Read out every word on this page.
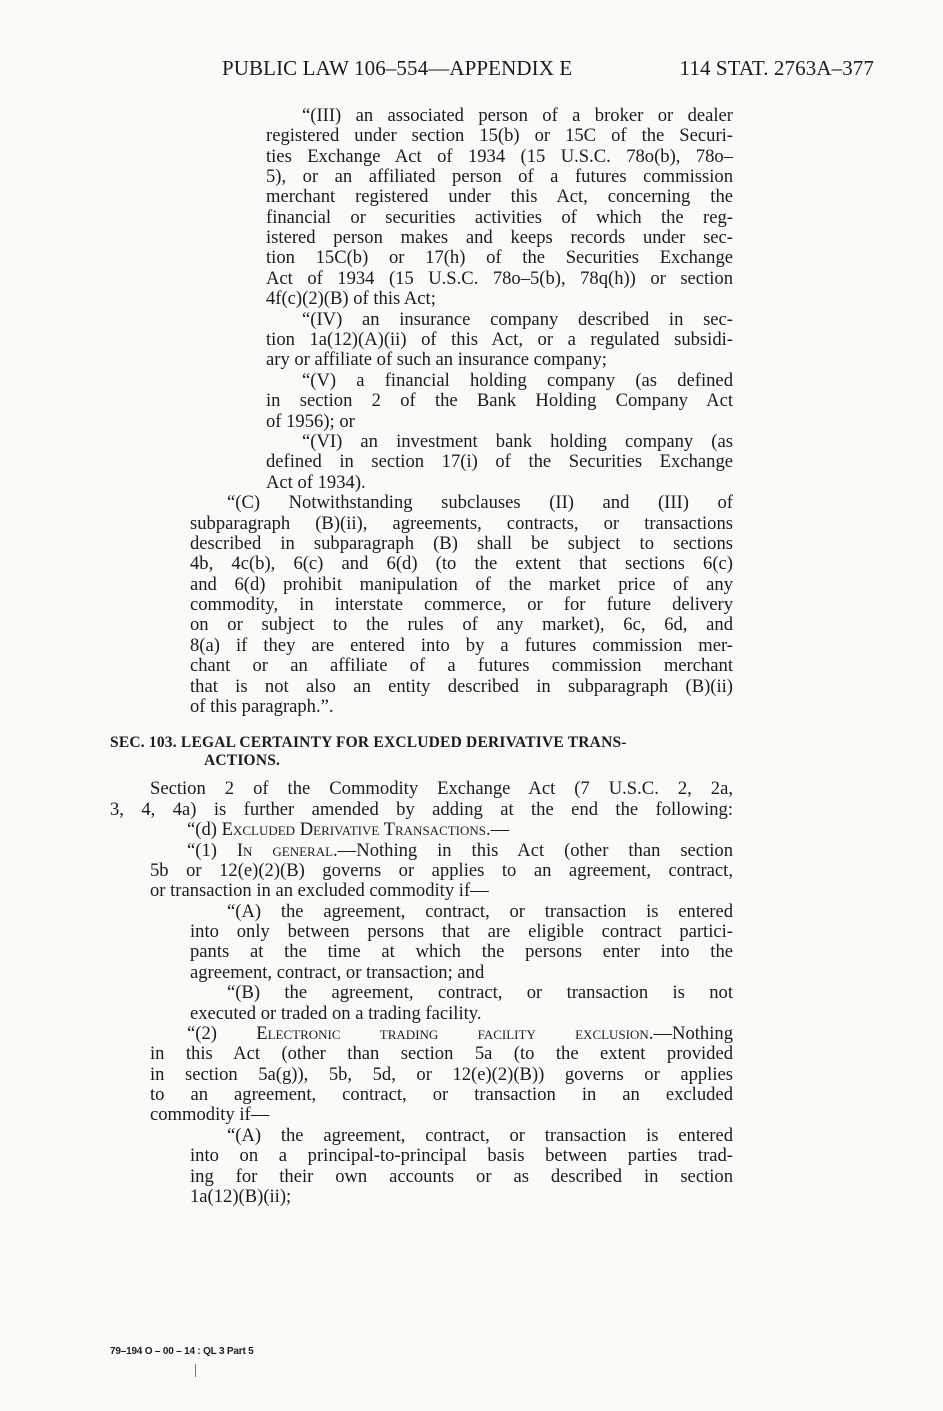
PUBLIC LAW 106–554—APPENDIX E	114 STAT. 2763A–377
“(III) an associated person of a broker or dealer
registered under section 15(b) or 15C of the Securi-
ties Exchange Act of 1934 (15 U.S.C. 78o(b), 78o–
5), or an affiliated person of a futures commission
merchant registered under this Act, concerning the
financial or securities activities of which the reg-
istered person makes and keeps records under sec-
tion 15C(b) or 17(h) of the Securities Exchange
Act of 1934 (15 U.S.C. 78o–5(b), 78q(h)) or section
4f(c)(2)(B) of this Act;
“(IV) an insurance company described in sec-
tion 1a(12)(A)(ii) of this Act, or a regulated subsidi-
ary or affiliate of such an insurance company;
“(V) a financial holding company (as defined
in section 2 of the Bank Holding Company Act
of 1956); or
“(VI) an investment bank holding company (as
defined in section 17(i) of the Securities Exchange
Act of 1934).
“(C) Notwithstanding subclauses (II) and (III) of
subparagraph (B)(ii), agreements, contracts, or transactions
described in subparagraph (B) shall be subject to sections
4b, 4c(b), 6(c) and 6(d) (to the extent that sections 6(c)
and 6(d) prohibit manipulation of the market price of any
commodity, in interstate commerce, or for future delivery
on or subject to the rules of any market), 6c, 6d, and
8(a) if they are entered into by a futures commission mer-
chant or an affiliate of a futures commission merchant
that is not also an entity described in subparagraph (B)(ii)
of this paragraph.”.
SEC. 103. LEGAL CERTAINTY FOR EXCLUDED DERIVATIVE TRANS-
ACTIONS.
Section 2 of the Commodity Exchange Act (7 U.S.C. 2, 2a,
3, 4, 4a) is further amended by adding at the end the following:
“(d) Excluded Derivative Transactions.—
“(1) In general.—Nothing in this Act (other than section
5b or 12(e)(2)(B) governs or applies to an agreement, contract,
or transaction in an excluded commodity if—
“(A) the agreement, contract, or transaction is entered
into only between persons that are eligible contract partici-
pants at the time at which the persons enter into the
agreement, contract, or transaction; and
“(B) the agreement, contract, or transaction is not
executed or traded on a trading facility.
“(2) Electronic trading facility exclusion.—Nothing
in this Act (other than section 5a (to the extent provided
in section 5a(g)), 5b, 5d, or 12(e)(2)(B)) governs or applies
to an agreement, contract, or transaction in an excluded
commodity if—
“(A) the agreement, contract, or transaction is entered
into on a principal-to-principal basis between parties trad-
ing for their own accounts or as described in section
1a(12)(B)(ii);
79–194 O – 00 – 14 : QL 3 Part 5
